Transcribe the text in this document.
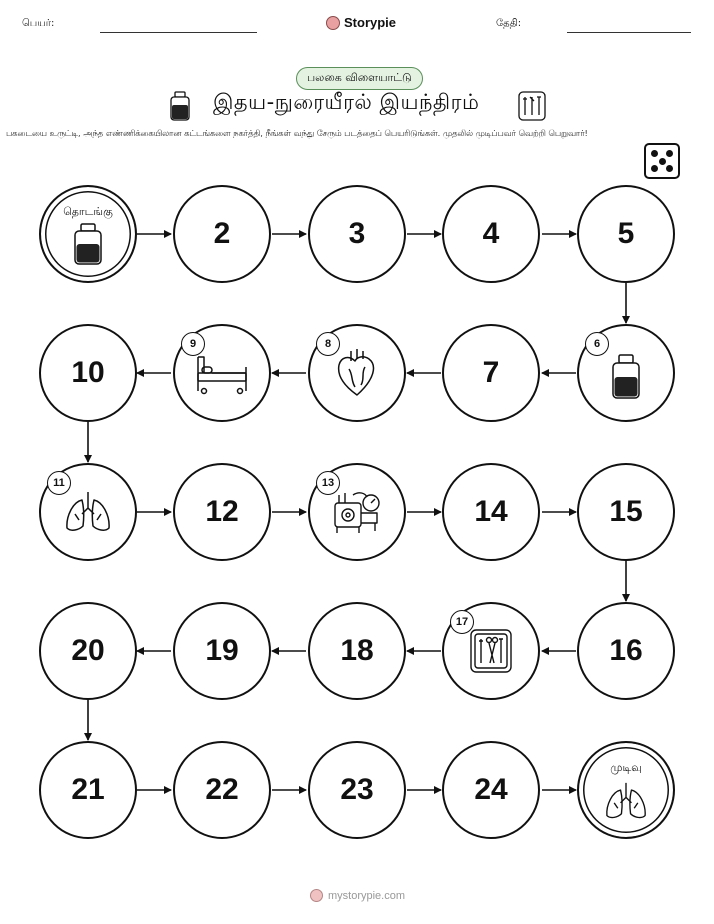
பெயர்:	Storypie	தேதி:
பலகை விளையாட்டு
இதய-நுரையீரல் இயந்திரம்
பகடையை உருட்டி, அந்த எண்ணிக்கையிலான கட்டங்களை நகர்த்தி, நீங்கள் வந்து சேரும் படத்தைப் பெயரிடுங்கள். முதலில் முடிப்பவர் வெற்றி பெறுவார்!
தொடங்கு
2	3	4	5
10
9	8
7
6
11
12
13
14	15
20	19	18
17
16
21	22	23	24
முடிவு
mystorypie.com
